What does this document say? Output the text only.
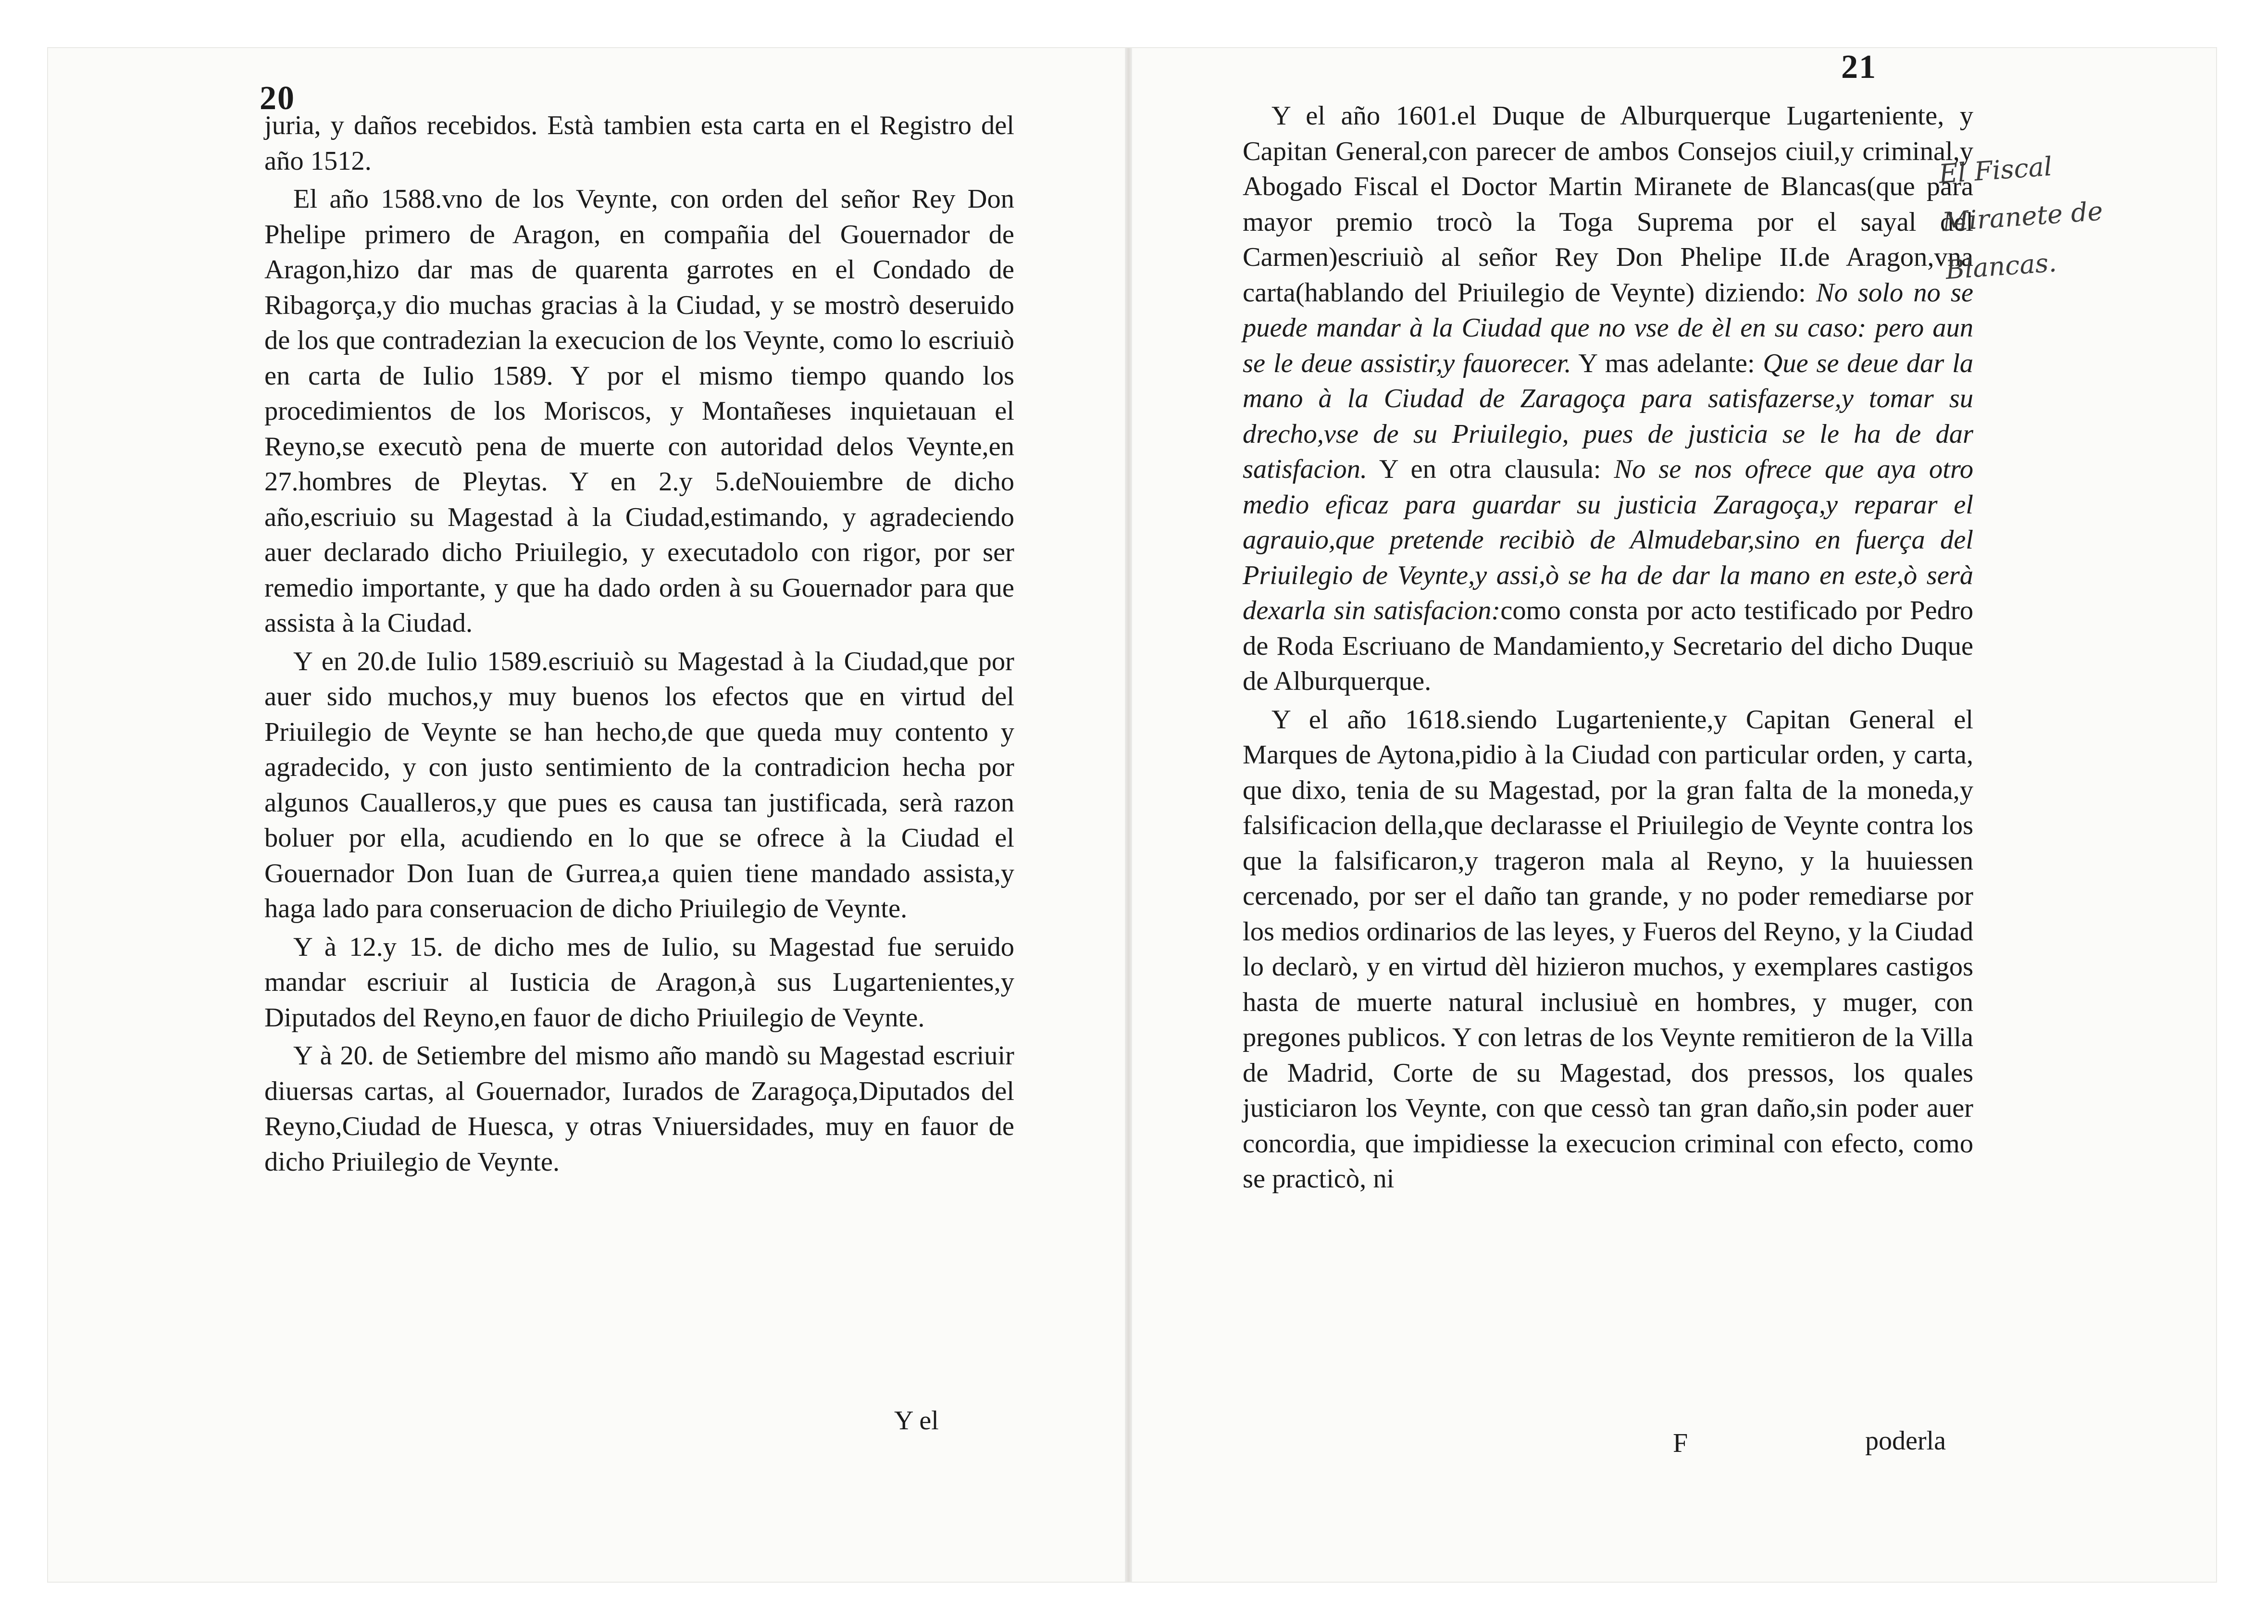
20

juria, y daños recebidos. Està tambien esta carta en el Registro del año 1512.

El año 1588.vno de los Veynte, con orden del señor Rey Don Phelipe primero de Aragon, en compañia del Gouernador de Aragon,hizo dar mas de quarenta garrotes en el Condado de Ribagorça,y dio muchas gracias à la Ciudad, y se mostrò deseruido de los que contradezian la execucion de los Veynte, como lo escriuiò en carta de Iulio 1589. Y por el mismo tiempo quando los procedimientos de los Moriscos, y Montañeses inquietauan el Reyno,se executò pena de muerte con autoridad delos Veynte,en 27.hombres de Pleytas. Y en 2.y 5.deNouiembre de dicho año,escriuio su Magestad à la Ciudad,estimando, y agradeciendo auer declarado dicho Priuilegio, y executadolo con rigor, por ser remedio importante, y que ha dado orden à su Gouernador para que assista à la Ciudad.

Y en 20.de Iulio 1589.escriuiò su Magestad à la Ciudad,que por auer sido muchos,y muy buenos los efectos que en virtud del Priuilegio de Veynte se han hecho,de que queda muy contento y agradecido, y con justo sentimiento de la contradicion hecha por algunos Caualleros,y que pues es causa tan justificada, serà razon boluer por ella, acudiendo en lo que se ofrece à la Ciudad el Gouernador Don Iuan de Gurrea,a quien tiene mandado assista,y haga lado para conseruacion de dicho Priuilegio de Veynte.

Y à 12.y 15. de dicho mes de Iulio, su Magestad fue seruido mandar escriuir al Iusticia de Aragon,à sus Lugartenientes,y Diputados del Reyno,en fauor de dicho Priuilegio de Veynte.

Y à 20. de Setiembre del mismo año mandò su Magestad escriuir diuersas cartas, al Gouernador, Iurados de Zaragoça,Diputados del Reyno,Ciudad de Huesca, y otras Vniuersidades, muy en fauor de dicho Priuilegio de Veynte.

Y el
21

Y el año 1601.el Duque de Alburquerque Lugarteniente, y Capitan General,con parecer de ambos Consejos ciuil,y criminal,y Abogado Fiscal el Doctor Martin Miranete de Blancas(que para mayor premio trocò la Toga Suprema por el sayal del Carmen)escriuiò al señor Rey Don Phelipe II.de Aragon,vna carta(hablando del Priuilegio de Veynte) diziendo: No solo no se puede mandar à la Ciudad que no vse de èl en su caso: pero aun se le deue assistir,y fauorecer. Y mas adelante: Que se deue dar la mano à la Ciudad de Zaragoça para satisfazerse,y tomar su drecho,vse de su Priuilegio, pues de justicia se le ha de dar satisfacion. Y en otra clausula: No se nos ofrece que aya otro medio eficaz para guardar su justicia Zaragoça,y reparar el agrauio,que pretende recibiò de Almudebar,sino en fuerça del Priuilegio de Veynte,y assi,ò se ha de dar la mano en este,ò serà dexarla sin satisfacion:como consta por acto testificado por Pedro de Roda Escriuano de Mandamiento,y Secretario del dicho Duque de Alburquerque.

Y el año 1618.siendo Lugarteniente,y Capitan General el Marques de Aytona,pidio à la Ciudad con particular orden, y carta, que dixo, tenia de su Magestad, por la gran falta de la moneda,y falsificacion della,que declarasse el Priuilegio de Veynte contra los que la falsificaron,y trageron mala al Reyno, y la huuiessen cercenado, por ser el daño tan grande, y no poder remediarse por los medios ordinarios de las leyes, y Fueros del Reyno, y la Ciudad lo declarò, y en virtud dèl hizieron muchos, y exemplares castigos hasta de muerte natural inclusiuè en hombres, y muger, con pregones publicos. Y con letras de los Veynte remitieron de la Villa de Madrid, Corte de su Magestad, dos pressos, los quales justiciaron los Veynte, con que cessò tan gran daño,sin poder auer concordia, que impidiesse la execucion criminal con efecto, como se practicò, ni

F	poderla
El Fiscal
Miranete de
Blancas.
